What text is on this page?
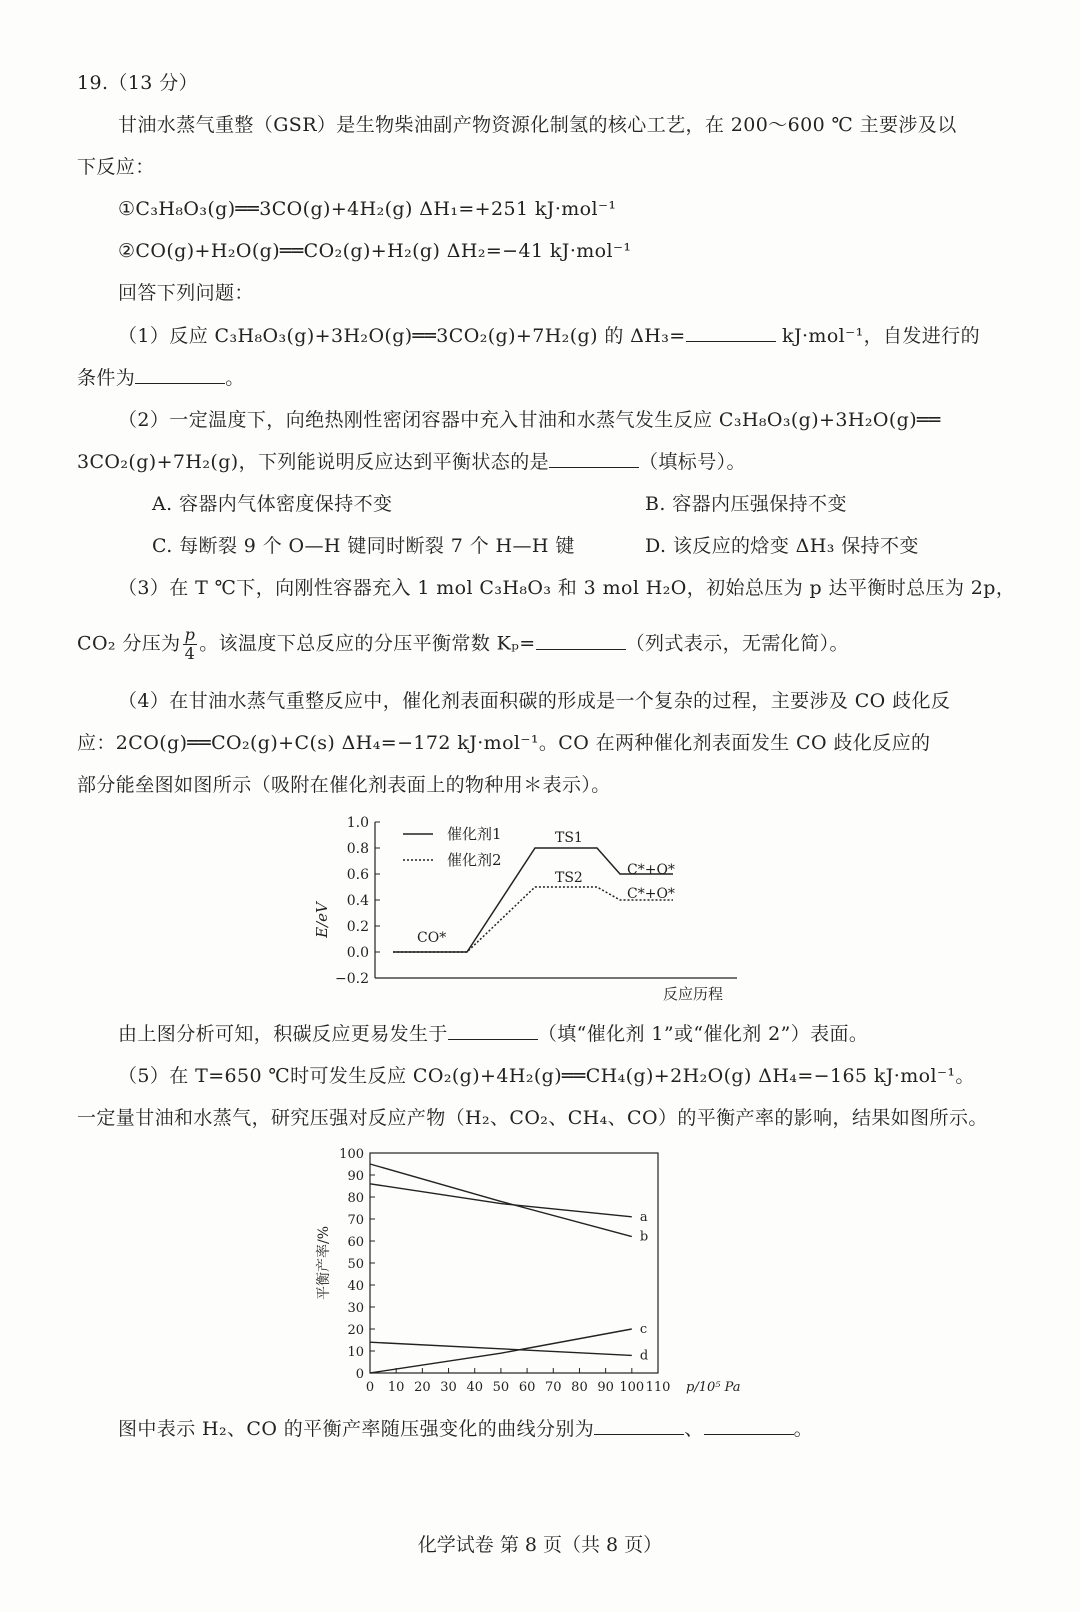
19.（13 分）
甘油水蒸气重整（GSR）是生物柴油副产物资源化制氢的核心工艺，在 200～600 ℃ 主要涉及以
下反应：
①C₃H₈O₃(g)══3CO(g)+4H₂(g) ΔH₁=+251 kJ·mol⁻¹
②CO(g)+H₂O(g)══CO₂(g)+H₂(g) ΔH₂=−41 kJ·mol⁻¹
回答下列问题：
（1）反应 C₃H₈O₃(g)+3H₂O(g)══3CO₂(g)+7H₂(g) 的 ΔH₃=	kJ·mol⁻¹，自发进行的
条件为	。
（2）一定温度下，向绝热刚性密闭容器中充入甘油和水蒸气发生反应 C₃H₈O₃(g)+3H₂O(g)══
3CO₂(g)+7H₂(g)，下列能说明反应达到平衡状态的是	（填标号）。
A. 容器内气体密度保持不变	B. 容器内压强保持不变
C. 每断裂 9 个 O—H 键同时断裂 7 个 H—H 键	D. 该反应的焓变 ΔH₃ 保持不变
（3）在 T ℃下，向刚性容器充入 1 mol C₃H₈O₃ 和 3 mol H₂O，初始总压为 p 达平衡时总压为 2p，
CO₂ 分压为 $\frac{p}{4}$ 。该温度下总反应的分压平衡常数 Kₚ=	（列式表示，无需化简）。
（4）在甘油水蒸气重整反应中，催化剂表面积碳的形成是一个复杂的过程，主要涉及 CO 歧化反
应：2CO(g)══CO₂(g)+C(s) ΔH₄=−172 kJ·mol⁻¹。CO 在两种催化剂表面发生 CO 歧化反应的
部分能垒图如图所示（吸附在催化剂表面上的物种用＊表示）。
1.0
0.8
0.6
0.4
0.2
0.0
−0.2
E/eV
反应历程
催化剂1
催化剂2
CO*
TS1
TS2	C*+O*
C*+O*
由上图分析可知，积碳反应更易发生于	（填“催化剂 1”或“催化剂 2”）表面。
（5）在 T=650 ℃时可发生反应 CO₂(g)+4H₂(g)══CH₄(g)+2H₂O(g) ΔH₄=−165 kJ·mol⁻¹。
一定量甘油和水蒸气，研究压强对反应产物（H₂、CO₂、CH₄、CO）的平衡产率的影响，结果如图所示。
平衡产率/%
0
10
20
30
40
50
60
70
80
90
100
0 10 20 30 40 50 60 70 80 90 100 110 p/10⁵ Pa
a
b
c
d
图中表示 H₂、CO 的平衡产率随压强变化的曲线分别为	、	。
化学试卷 第 8 页（共 8 页）
